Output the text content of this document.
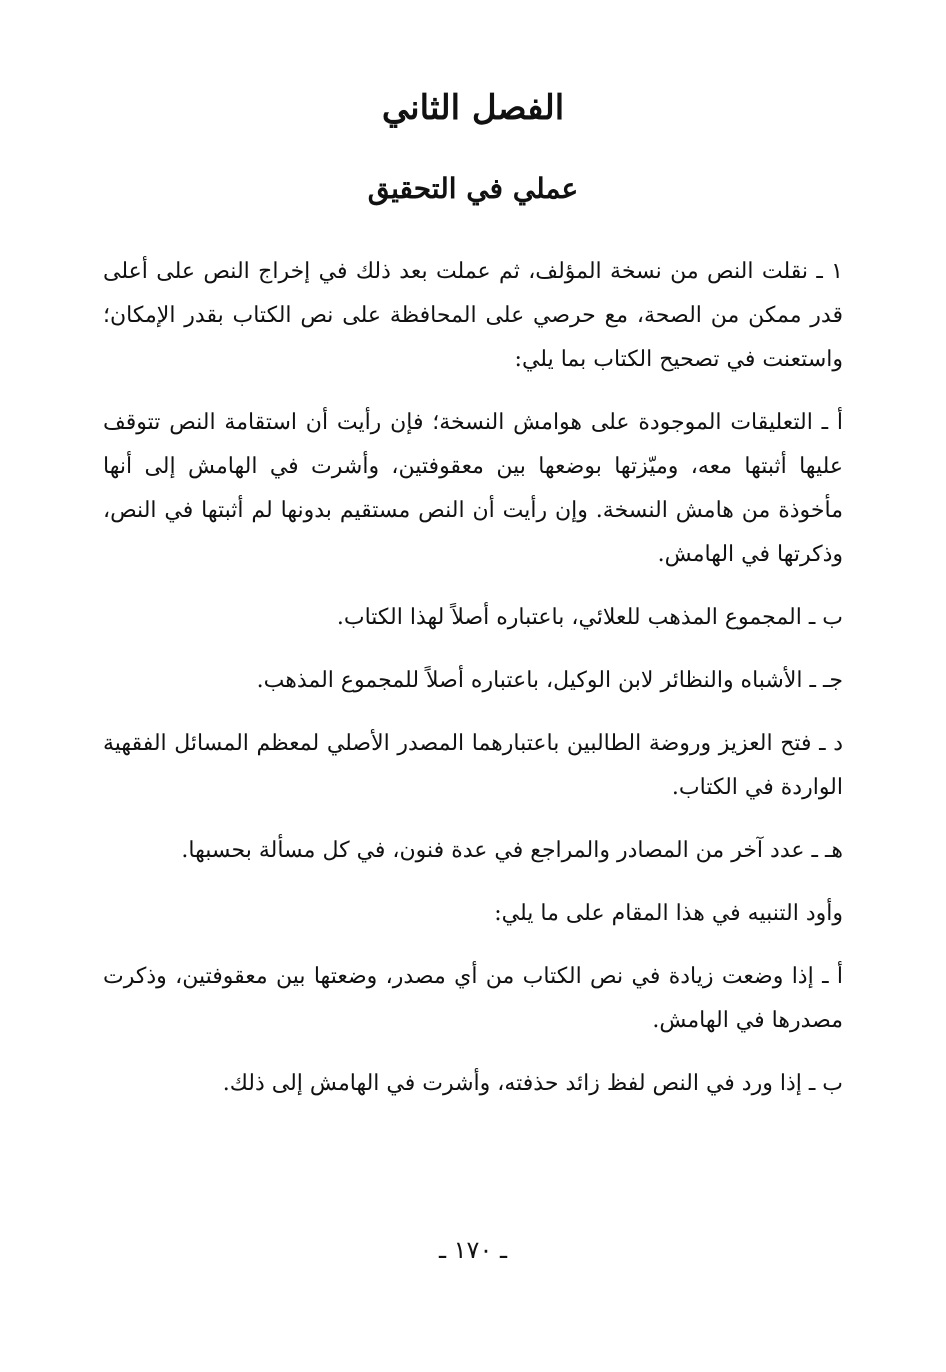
الفصل الثاني
عملي في التحقيق

١ ـ نقلت النص من نسخة المؤلف، ثم عملت بعد ذلك في إخراج النص على أعلى قدر ممكن من الصحة، مع حرصي على المحافظة على نص الكتاب بقدر الإمكان؛ واستعنت في تصحيح الكتاب بما يلي:

أ ـ التعليقات الموجودة على هوامش النسخة؛ فإن رأيت أن استقامة النص تتوقف عليها أثبتها معه، وميّزتها بوضعها بين معقوفتين، وأشرت في الهامش إلى أنها مأخوذة من هامش النسخة. وإن رأيت أن النص مستقيم بدونها لم أثبتها في النص، وذكرتها في الهامش.

ب ـ المجموع المذهب للعلائي، باعتباره أصلاً لهذا الكتاب.

جـ ـ الأشباه والنظائر لابن الوكيل، باعتباره أصلاً للمجموع المذهب.

د ـ فتح العزيز وروضة الطالبين باعتبارهما المصدر الأصلي لمعظم المسائل الفقهية الواردة في الكتاب.

هـ ـ عدد آخر من المصادر والمراجع في عدة فنون، في كل مسألة بحسبها.

وأود التنبيه في هذا المقام على ما يلي:

أ ـ إذا وضعت زيادة في نص الكتاب من أي مصدر، وضعتها بين معقوفتين، وذكرت مصدرها في الهامش.

ب ـ إذا ورد في النص لفظ زائد حذفته، وأشرت في الهامش إلى ذلك.

ـ ١٧٠ ـ
